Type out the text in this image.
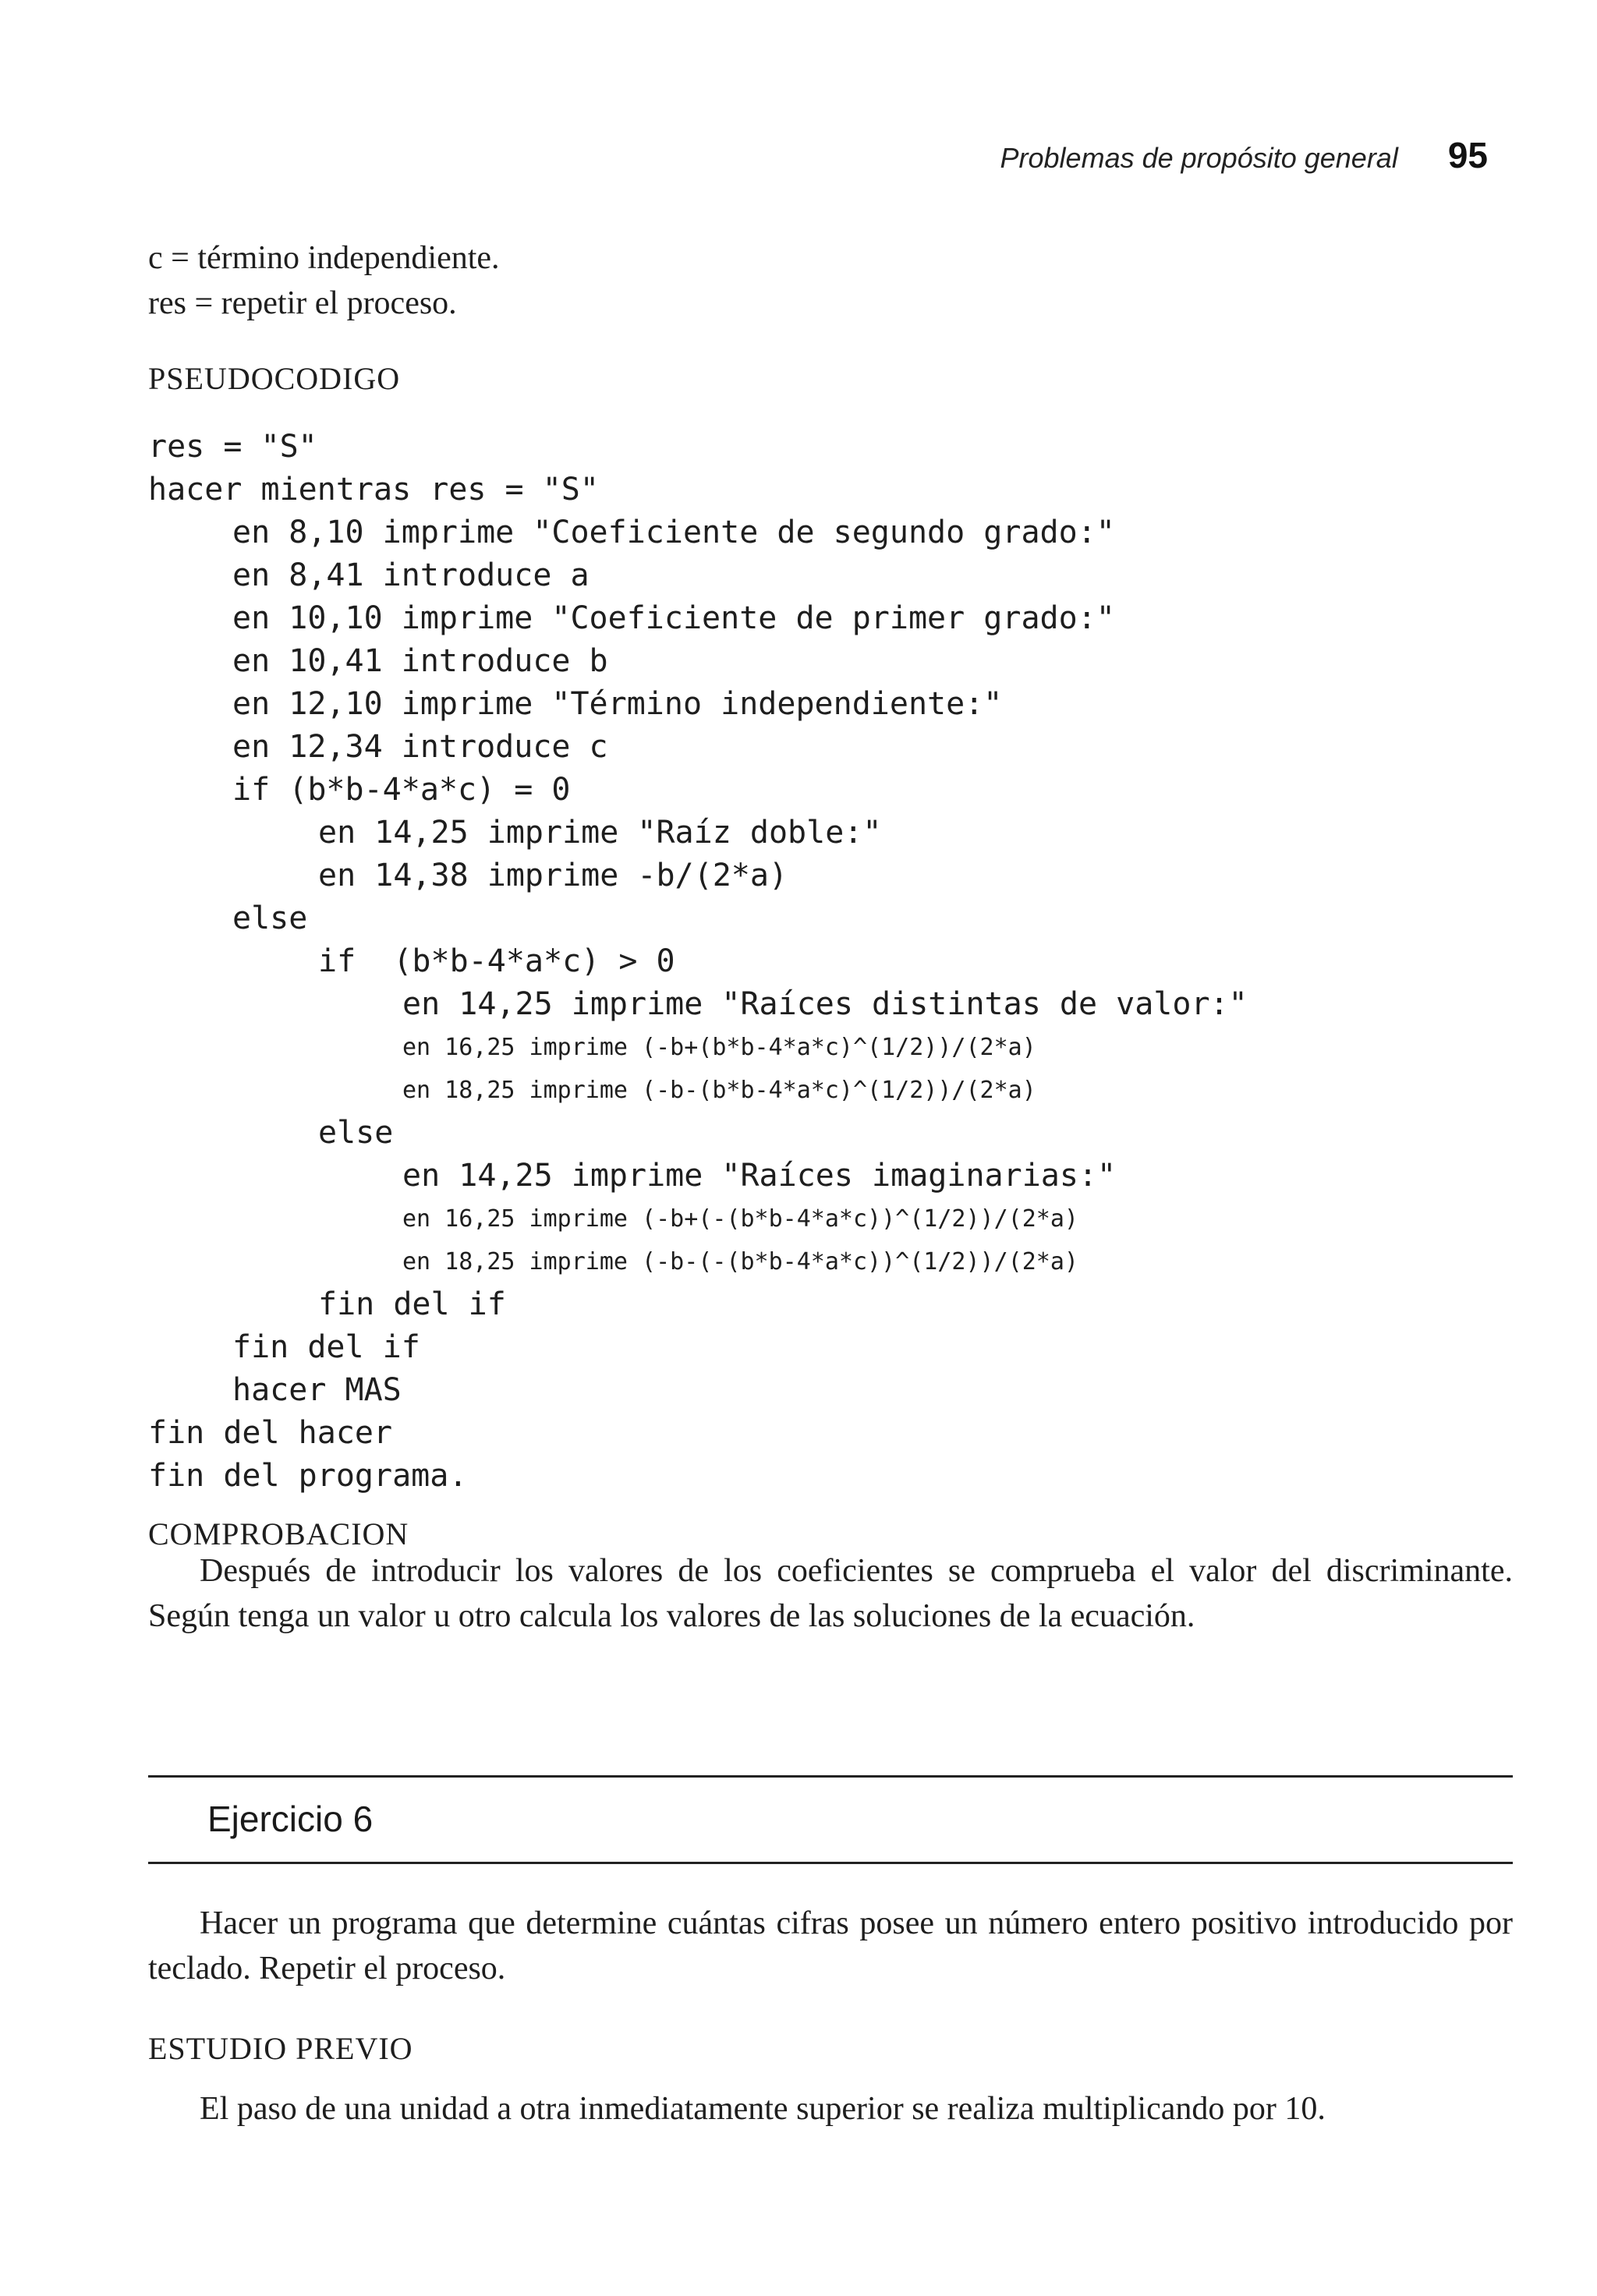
Problemas de propósito general 95
c = término independiente.
res = repetir el proceso.
PSEUDOCODIGO
res = "S"
hacer mientras res = "S"
en 8,10 imprime "Coeficiente de segundo grado:"
en 8,41 introduce a
en 10,10 imprime "Coeficiente de primer grado:"
en 10,41 introduce b
en 12,10 imprime "Término independiente:"
en 12,34 introduce c
if (b*b-4*a*c) = 0
en 14,25 imprime "Raíz doble:"
en 14,38 imprime -b/(2*a)
else
if  (b*b-4*a*c) > 0
en 14,25 imprime "Raíces distintas de valor:"
en 16,25 imprime (-b+(b*b-4*a*c)^(1/2))/(2*a)
en 18,25 imprime (-b-(b*b-4*a*c)^(1/2))/(2*a)
else
en 14,25 imprime "Raíces imaginarias:"
en 16,25 imprime (-b+(-(b*b-4*a*c))^(1/2))/(2*a)
en 18,25 imprime (-b-(-(b*b-4*a*c))^(1/2))/(2*a)
fin del if
fin del if
hacer MAS
fin del hacer
fin del programa.
COMPROBACION

Después de introducir los valores de los coeficientes se comprueba el valor del discriminante. Según tenga un valor u otro calcula los valores de las soluciones de la ecuación.

Ejercicio 6

Hacer un programa que determine cuántas cifras posee un número entero positivo introducido por teclado. Repetir el proceso.

ESTUDIO PREVIO

El paso de una unidad a otra inmediatamente superior se realiza multiplicando por 10.
